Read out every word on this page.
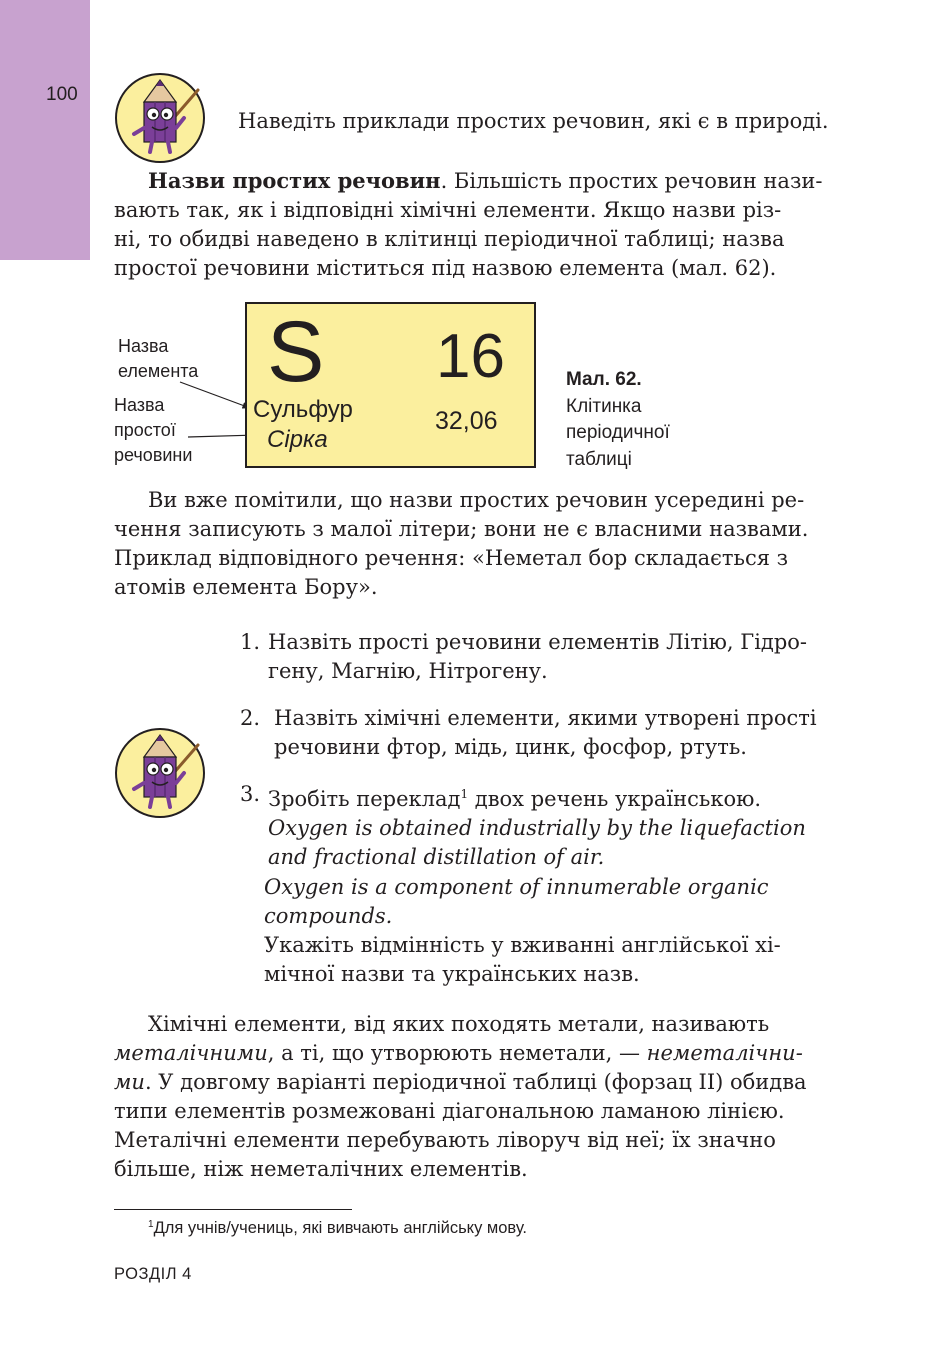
100
Наведіть приклади простих речовин, які є в природі.
Назви простих речовин. Більшість простих речовин нази-
вають так, як і відповідні хімічні елементи. Якщо назви різ-
ні, то обидві наведено в клітинці періодичної таблиці; назва
простої речовини міститься під назвою елемента (мал. 62).
Назва
елемента
Назва
простої
речовини
S 16
Сульфур
Сірка
32,06
Мал. 62.
Клітинка
періодичної
таблиці
Ви вже помітили, що назви простих речовин усередині ре-
чення записують з малої літери; вони не є власними назвами.
Приклад відповідного речення: «Неметал бор складається з
атомів елемента Бору».
1. Назвіть прості речовини елементів Літію, Гідро-
гену, Магнію, Нітрогену.
2. Назвіть хімічні елементи, якими утворені прості
речовини фтор, мідь, цинк, фосфор, ртуть.
3. Зробіть переклад$^1$ двох речень українською.
Oxygen is obtained industrially by the liquefaction
and fractional distillation of air.
Oxygen is a component of innumerable organic
compounds.
Укажіть відмінність у вживанні англійської хі-
мічної назви та українських назв.
Хімічні елементи, від яких походять метали, називають
металічними, а ті, що утворюють неметали, — неметалічни-
ми. У довгому варіанті періодичної таблиці (форзац ІІ) обидва
типи елементів розмежовані діагональною ламаною лінією.
Металічні елементи перебувають ліворуч від неї; їх значно
більше, ніж неметалічних елементів.
$^1$Для учнів/учениць, які вивчають англійську мову.
РОЗДІЛ 4
